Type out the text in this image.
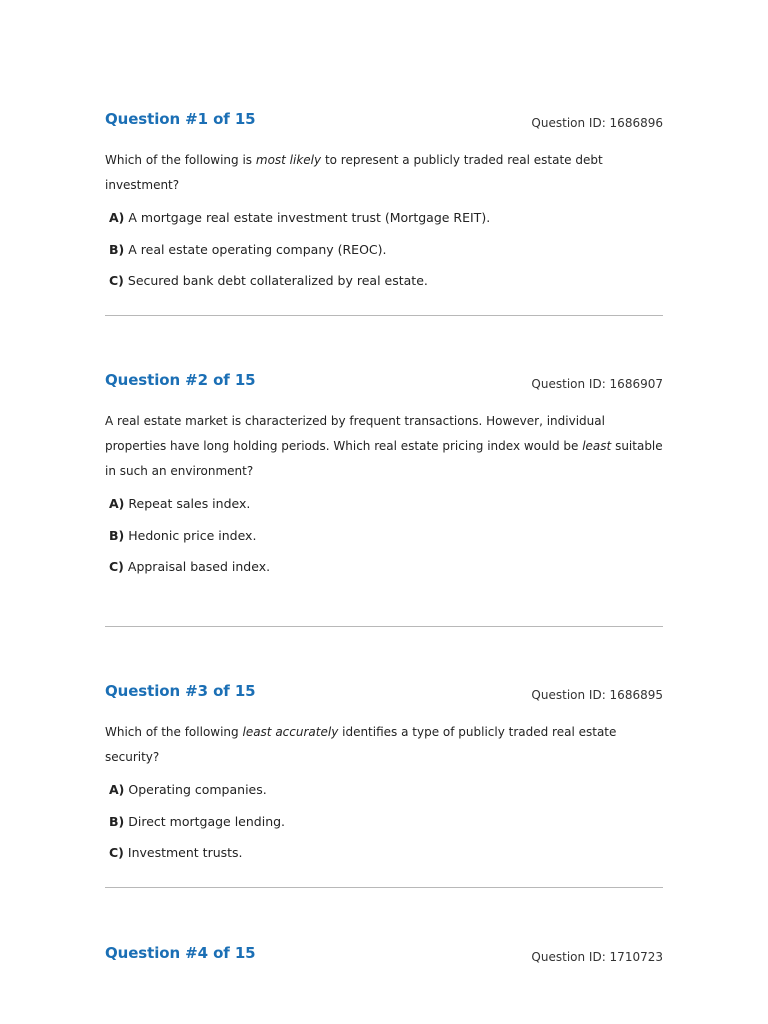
Question #1 of 15	Question ID: 1686896
Which of the following is most likely to represent a publicly traded real estate debt investment?
A) A mortgage real estate investment trust (Mortgage REIT).
B) A real estate operating company (REOC).
C) Secured bank debt collateralized by real estate.
Question #2 of 15	Question ID: 1686907
A real estate market is characterized by frequent transactions. However, individual properties have long holding periods. Which real estate pricing index would be least suitable in such an environment?
A) Repeat sales index.
B) Hedonic price index.
C) Appraisal based index.
Question #3 of 15	Question ID: 1686895
Which of the following least accurately identifies a type of publicly traded real estate security?
A) Operating companies.
B) Direct mortgage lending.
C) Investment trusts.
Question #4 of 15	Question ID: 1710723
